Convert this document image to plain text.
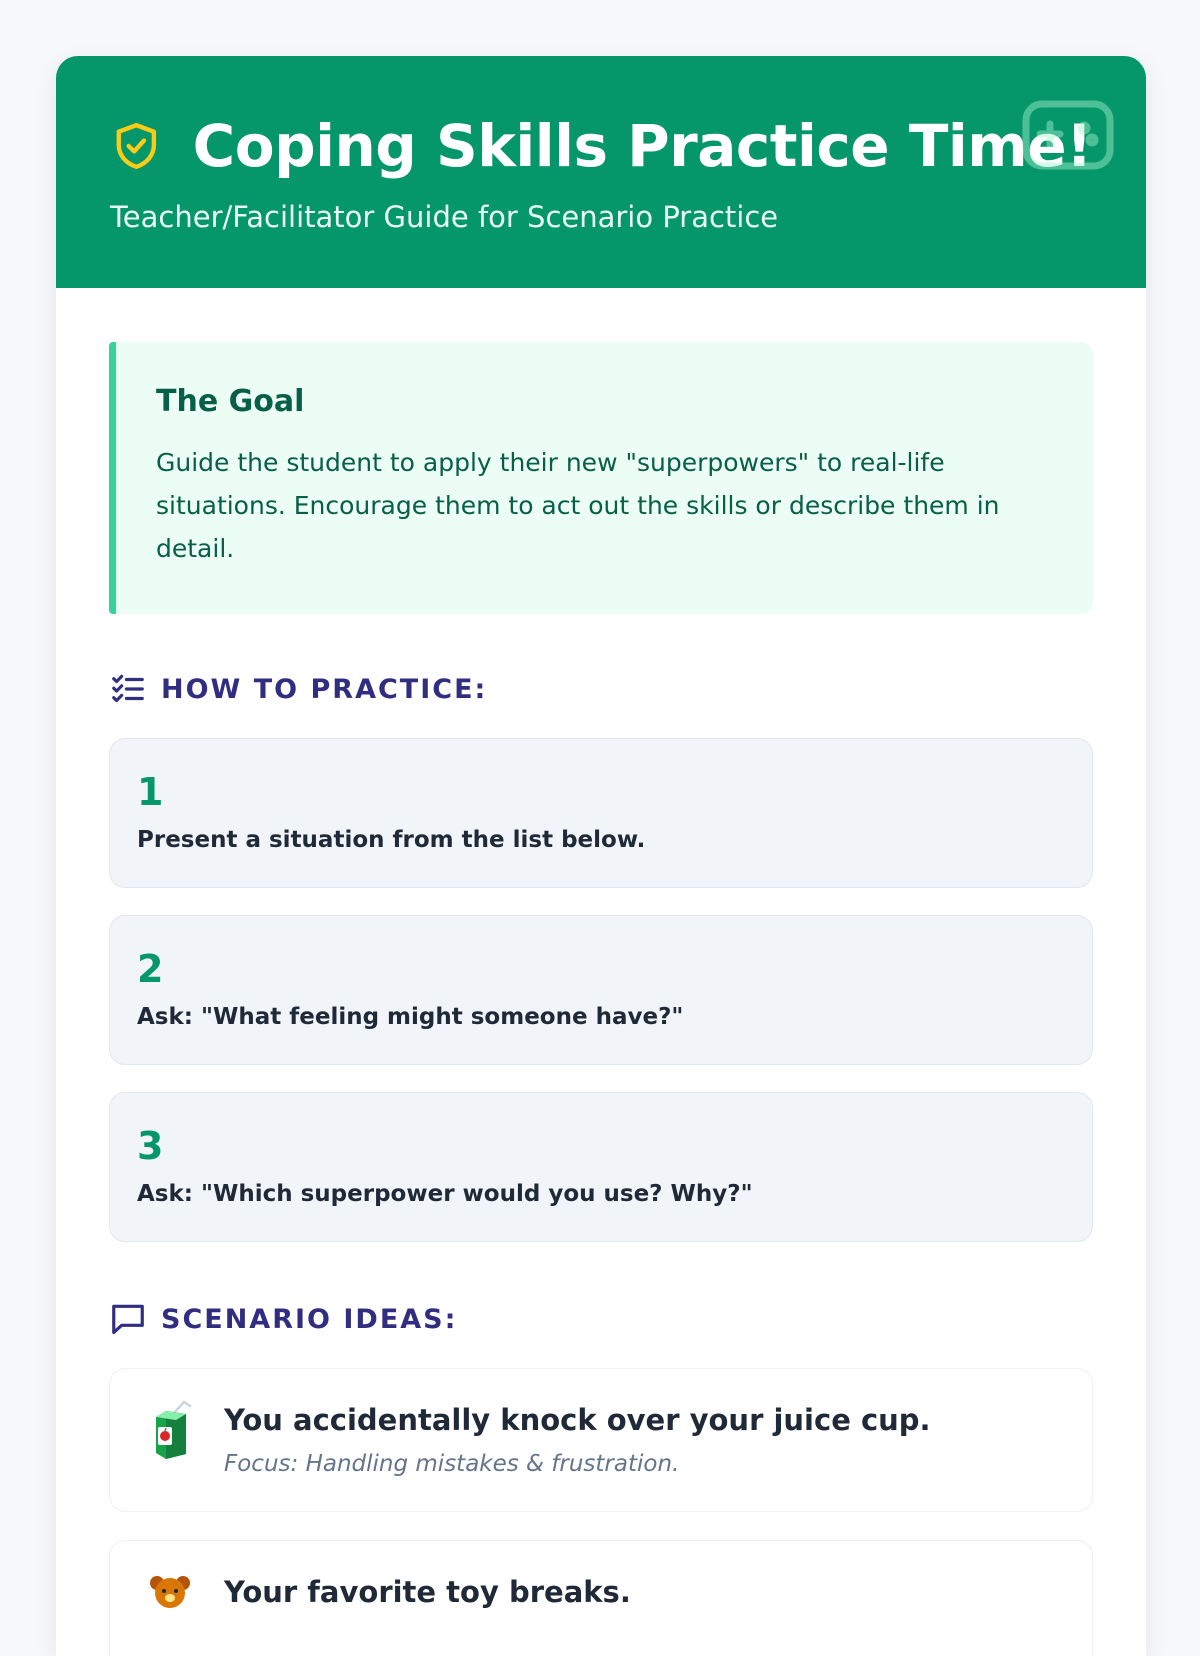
Coping Skills Practice Time!
Teacher/Facilitator Guide for Scenario Practice
The Goal

Guide the student to apply their new "superpowers" to real-life situations. Encourage them to act out the skills or describe them in detail.

HOW TO PRACTICE:
1
Present a situation from the list below.
2
Ask: "What feeling might someone have?"
3
Ask: "Which superpower would you use? Why?"
SCENARIO IDEAS:
You accidentally knock over your juice cup.
Focus: Handling mistakes & frustration.
Your favorite toy breaks.
